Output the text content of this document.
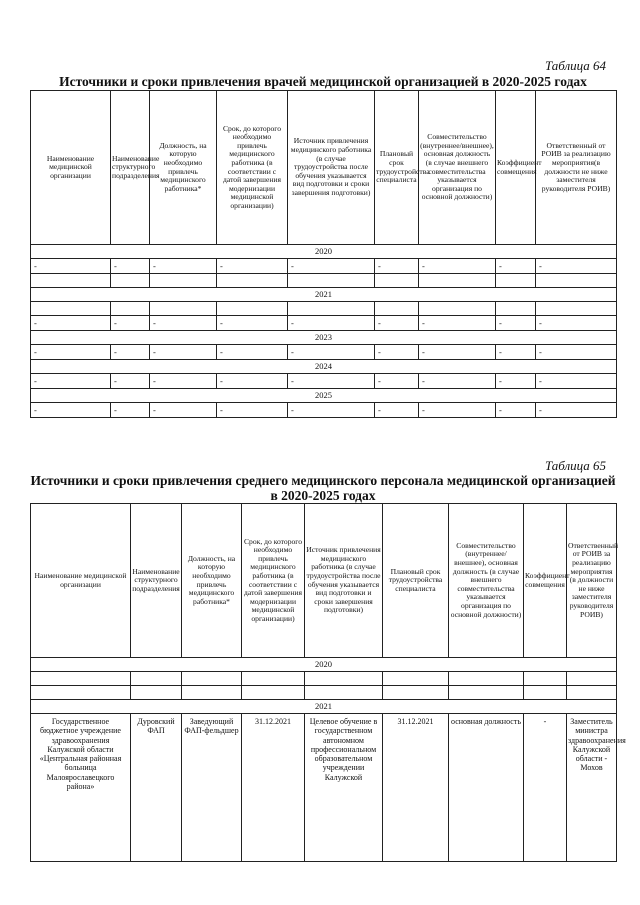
Таблица 64
Источники и сроки привлечения врачей медицинской организацией в 2020-2025 годах
Наименование медицинской организации	Наименование структурного подразделения	Должность, на которую необходимо привлечь медицинского работника*	Срок, до которого необходимо привлечь медицинского работника (в соответствии с датой завершения модернизации медицинской организации)	Источник привлечения медицинского работника (в случае трудоустройства после обучения указывается вид подготовки и сроки завершения подготовки)	Плановый срок трудоустройства специалиста	Совместительство (внутреннее/внешнее), основная должность (в случае внешнего совместительства указывается организация по основной должности)	Коэффициент совмещения	Ответственный от РОИВ за реализацию мероприятия(в должности не ниже заместителя руководителя РОИВ)
2020								
-	-	-	-	-	-	-	-	-

2021								

-	-	-	-	-	-	-	-	-
2023								
-	-	-	-	-	-	-	-	-
2024								
-	-	-	-	-	-	-	-	-
2025								
-	-	-	-	-	-	-	-	-
Таблица 65
Источники и сроки привлечения среднего медицинского персонала медицинской организацией в 2020-2025 годах
Наименование медицинской организации	Наименование структурного подразделения	Должность, на которую необходимо привлечь медицинского работника*	Срок, до которого необходимо привлечь медицинского работника (в соответствии с датой завершения модернизации медицинской организации)	Источник привлечения медицинского работника (в случае трудоустройства после обучения указывается вид подготовки и сроки завершения подготовки)	Плановый срок трудоустройства специалиста	Совместительство (внутреннее/внешнее), основная должность (в случае внешнего совместительства указывается организация по основной должности)	Коэффициент совмещения	Ответственный от РОИВ за реализацию мероприятия (в должности не ниже заместителя руководителя РОИВ)
2020								

2021								
Государственное бюджетное учреждение здравоохранения Калужской области «Центральная районная больница Малоярославецкого района»	Дуровский ФАП	Заведующий ФАП-фельдшер	31.12.2021	Целевое обучение в государственном автономном профессиональном образовательном учреждении Калужской	31.12.2021	основная должность	-	Заместитель министра здравоохранения Калужской области - Мохов
